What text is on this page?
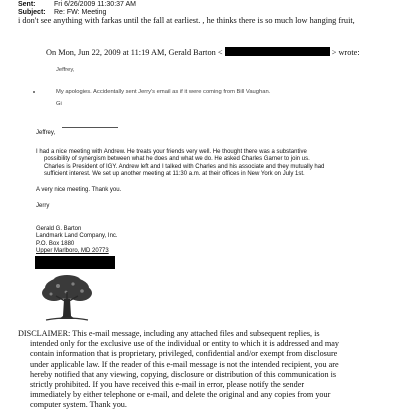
Sent:	Fri 6/26/2009 11:30:37 AM
Subject: Re: FW: Meeting
i don't see anything with farkas until the fall at earliest. , he thinks there is so much low hanging fruit,
On Mon, Jun 22, 2009 at 11:19 AM, Gerald Barton <	> wrote:
Jeffrey,
My apologies. Accidentally sent Jerry's email as if it were coming from Bill Vaughan.
Gi
Jeffrey,
I had a nice meeting with Andrew. He treats your friends very well. He thought there was a substantive
possibility of synergism between what he does and what we do. He asked Charles Garner to join us.
Charles is President of IGY. Andrew left and I talked with Charles and his associate and they mutually had
sufficient interest. We set up another meeting at 11:30 a.m. at their offices in New York on July 1st.
A very nice meeting. Thank you.
Jerry
Gerald G. Barton
Landmark Land Company, Inc.
P.O. Box 1880
Upper Marlboro, MD 20773
DISCLAIMER: This e-mail message, including any attached files and subsequent replies, is
intended only for the exclusive use of the individual or entity to which it is addressed and may
contain information that is proprietary, privileged, confidential and/or exempt from disclosure
under applicable law. If the reader of this e-mail message is not the intended recipient, you are
hereby notified that any viewing, copying, disclosure or distribution of this communication is
strictly prohibited. If you have received this e-mail in error, please notify the sender
immediately by either telephone or e-mail, and delete the original and any copies from your
computer system. Thank you.
